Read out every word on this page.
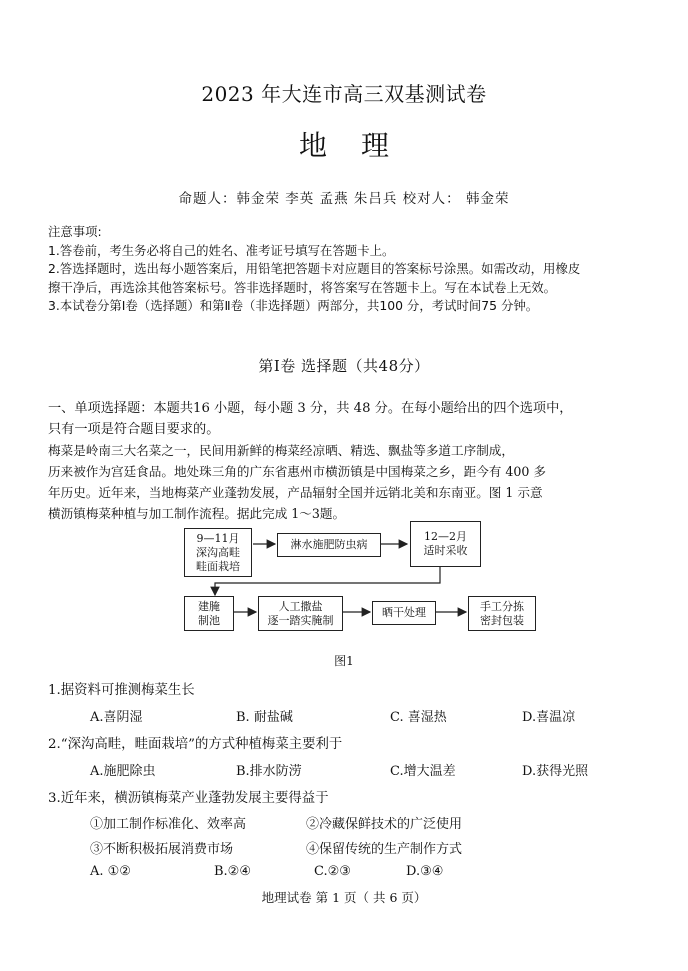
2023 年大连市高三双基测试卷
地理
命题人：韩金荣 李英 孟燕 朱吕兵 校对人： 韩金荣
注意事项:
1.答卷前，考生务必将自己的姓名、准考证号填写在答题卡上。
2.答选择题时，选出每小题答案后，用铅笔把答题卡对应题目的答案标号涂黑。如需改动，用橡皮
擦干净后，再选涂其他答案标号。答非选择题时，将答案写在答题卡上。写在本试卷上无效。
3.本试卷分第Ⅰ卷（选择题）和第Ⅱ卷（非选择题）两部分，共100 分，考试时间75 分钟。
第Ⅰ卷 选择题（共48分）
一、单项选择题：本题共16 小题，每小题 3 分，共 48 分。在每小题给出的四个选项中，
只有一项是符合题目要求的。
梅菜是岭南三大名菜之一，民间用新鲜的梅菜经凉晒、精选、飘盐等多道工序制成，
历来被作为宫廷食品。地处珠三角的广东省惠州市横沥镇是中国梅菜之乡，距今有 400 多
年历史。近年来，当地梅菜产业蓬勃发展，产品辐射全国并远销北美和东南亚。图 1 示意
横沥镇梅菜种植与加工制作流程。据此完成 1～3题。
9—11月
深沟高畦
畦面栽培
淋水施肥防虫病
12—2月
适时采收
建腌
制池
人工撒盐
逐一踏实腌制
晒干处理	手工分拣
密封包装
图1
1.据资料可推测梅菜生长
A.喜阴湿	B. 耐盐碱	C. 喜湿热	D.喜温凉
2.“深沟高畦，畦面栽培”的方式种植梅菜主要利于
A.施肥除虫	B.排水防涝	C.增大温差	D.获得光照
3.近年来，横沥镇梅菜产业蓬勃发展主要得益于
①加工制作标准化、效率高	②冷藏保鲜技术的广泛使用
③不断积极拓展消费市场	④保留传统的生产制作方式
A. ①②	B.②④	C.②③	D.③④
地理试卷 第 1 页（ 共 6 页）
